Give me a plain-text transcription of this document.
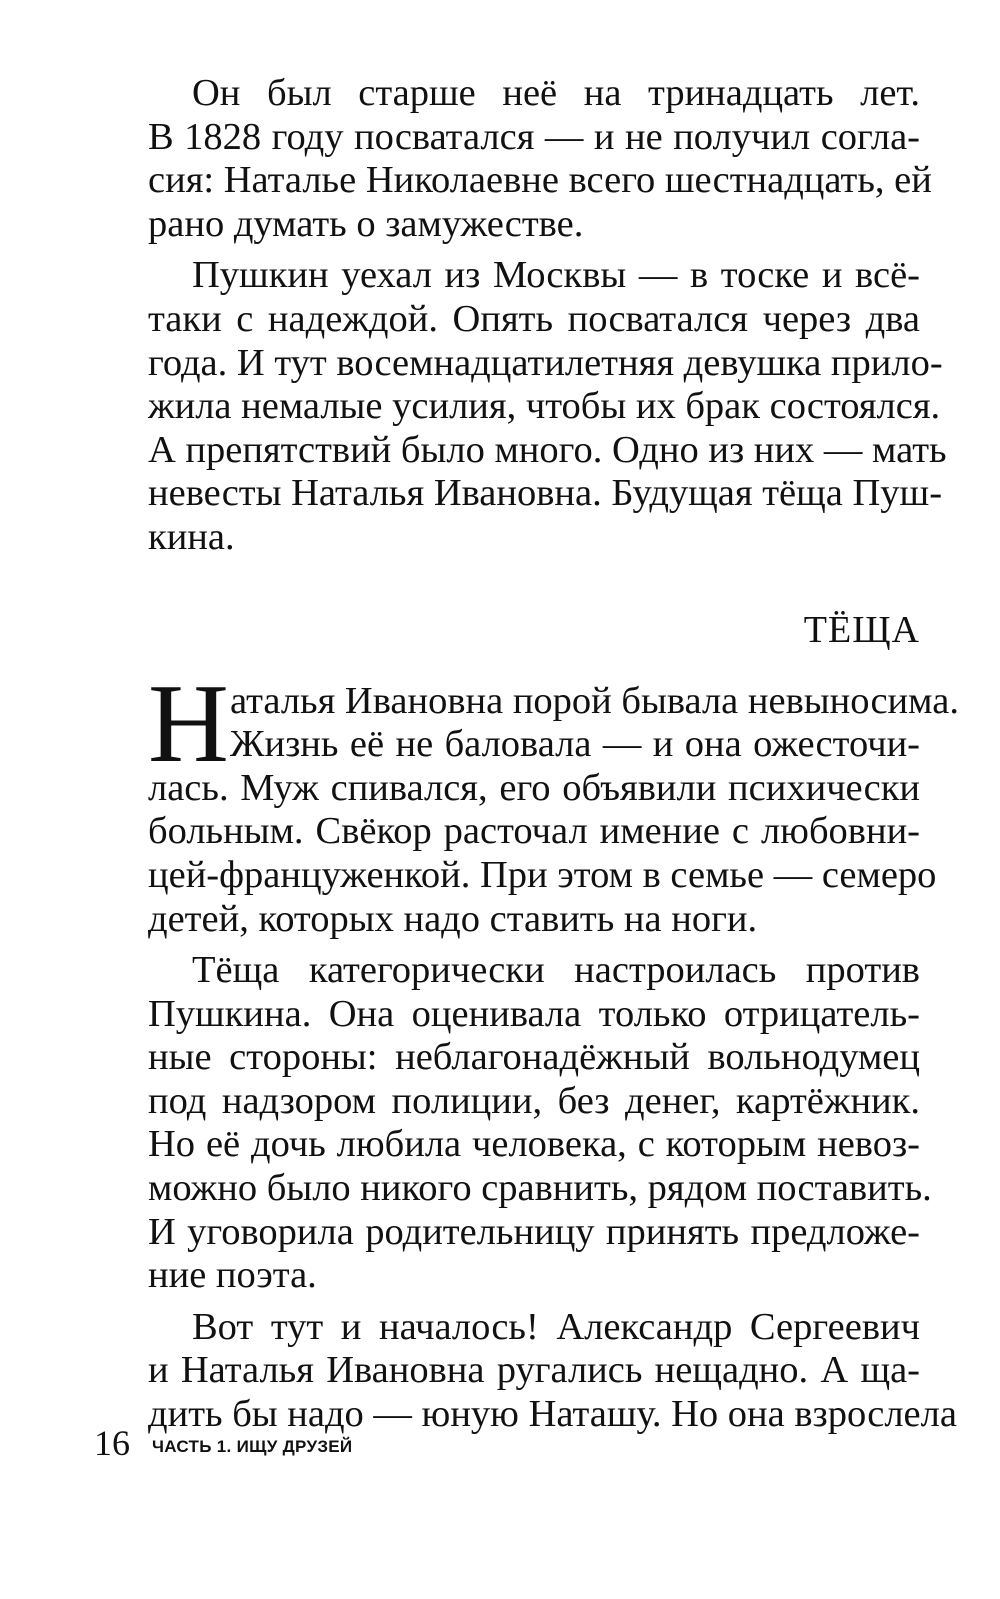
Он был старше неё на тринадцать лет.
В 1828 году посватался — и не получил согла-
сия: Наталье Николаевне всего шестнадцать, ей
рано думать о замужестве.
Пушкин уехал из Москвы — в тоске и всё-
таки с надеждой. Опять посватался через два
года. И тут восемнадцатилетняя девушка прило-
жила немалые усилия, чтобы их брак состоялся.
А препятствий было много. Одно из них — мать
невесты Наталья Ивановна. Будущая тёща Пуш-
кина.
ТЁЩА
Н аталья Ивановна порой бывала невыносима.
Жизнь её не баловала — и она ожесточи-
лась. Муж спивался, его объявили психически
больным. Свёкор расточал имение с любовни-
цей-француженкой. При этом в семье — семеро
детей, которых надо ставить на ноги.
Тёща категорически настроилась против
Пушкина. Она оценивала только отрицатель-
ные стороны: неблагонадёжный вольнодумец
под надзором полиции, без денег, картёжник.
Но её дочь любила человека, с которым невоз-
можно было никого сравнить, рядом поставить.
И уговорила родительницу принять предложе-
ние поэта.
Вот тут и началось! Александр Сергеевич
и Наталья Ивановна ругались нещадно. А ща-
дить бы надо — юную Наташу. Но она взрослела
16 ЧАСТЬ 1. ИЩУ ДРУЗЕЙ
